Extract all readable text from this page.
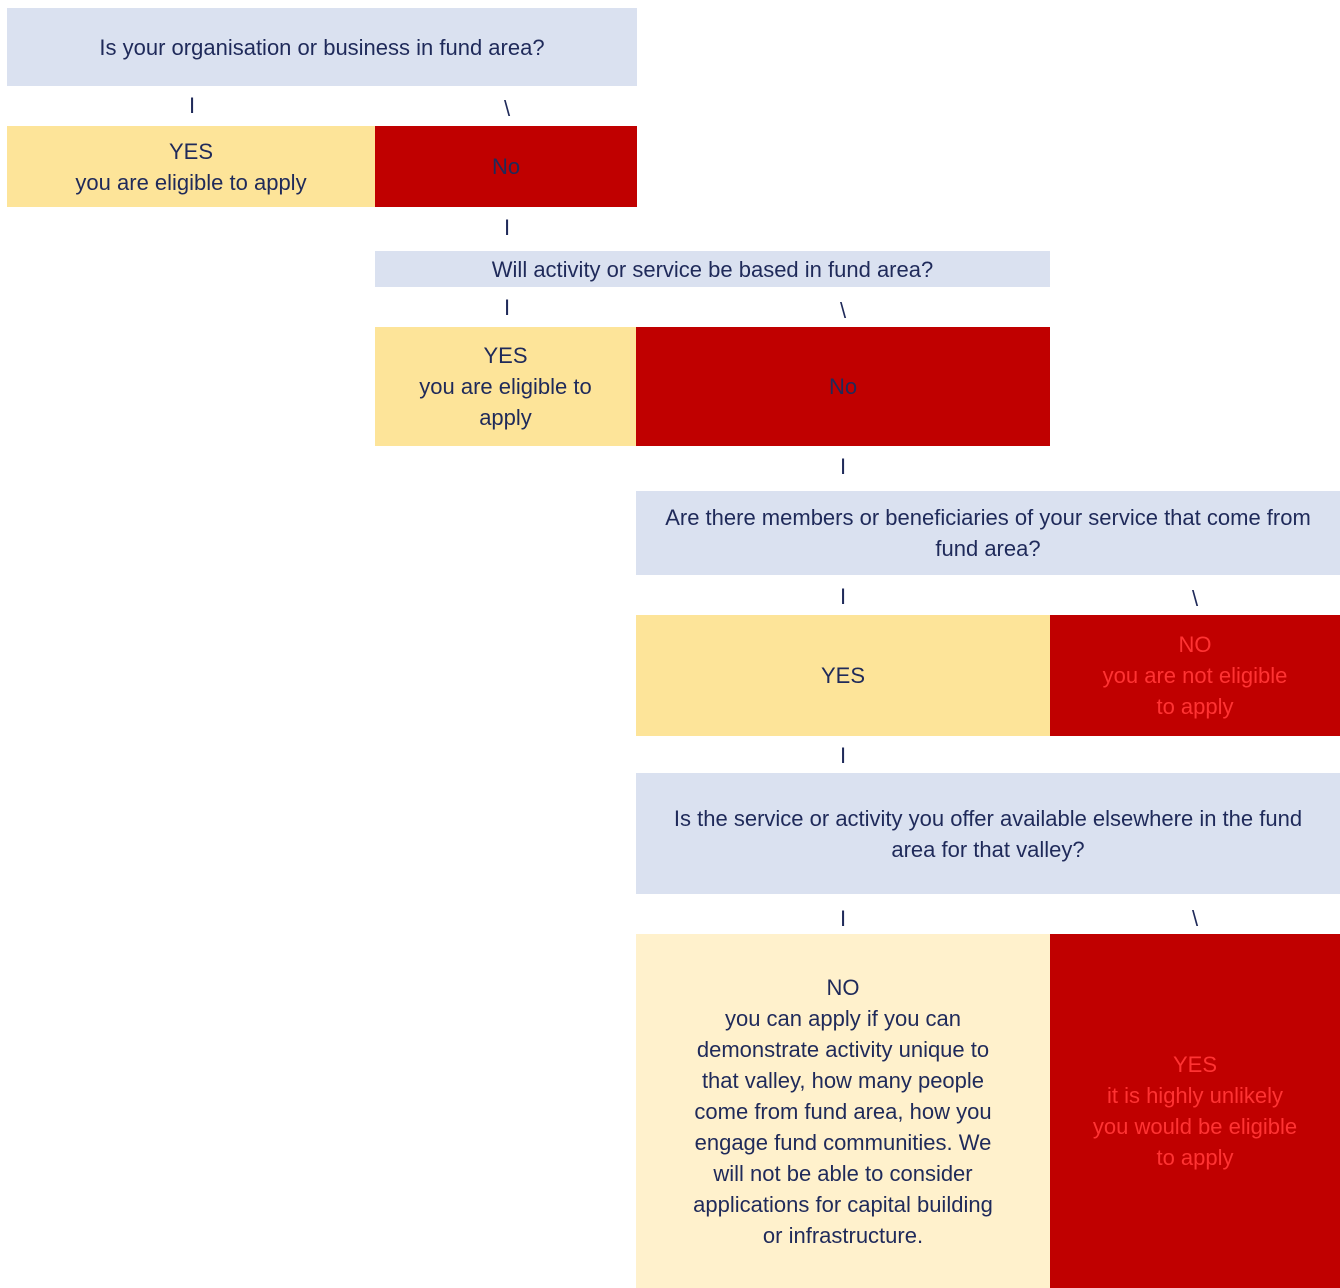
Is your organisation or business in fund area?
I	\
YES
you are eligible to apply
No
I
Will activity or service be based in fund area?
I	\
YES
you are eligible to
apply
No
I
Are there members or beneficiaries of your service that come from fund area?
I	\
YES
NO
you are not eligible
to apply
I
Is the service or activity you offer available elsewhere in the fund area for that valley?
I	\
NO
you can apply if you can
demonstrate activity unique to
that valley, how many people
come from fund area, how you
engage fund communities. We
will not be able to consider
applications for capital building
or infrastructure.
YES
it is highly unlikely
you would be eligible
to apply
